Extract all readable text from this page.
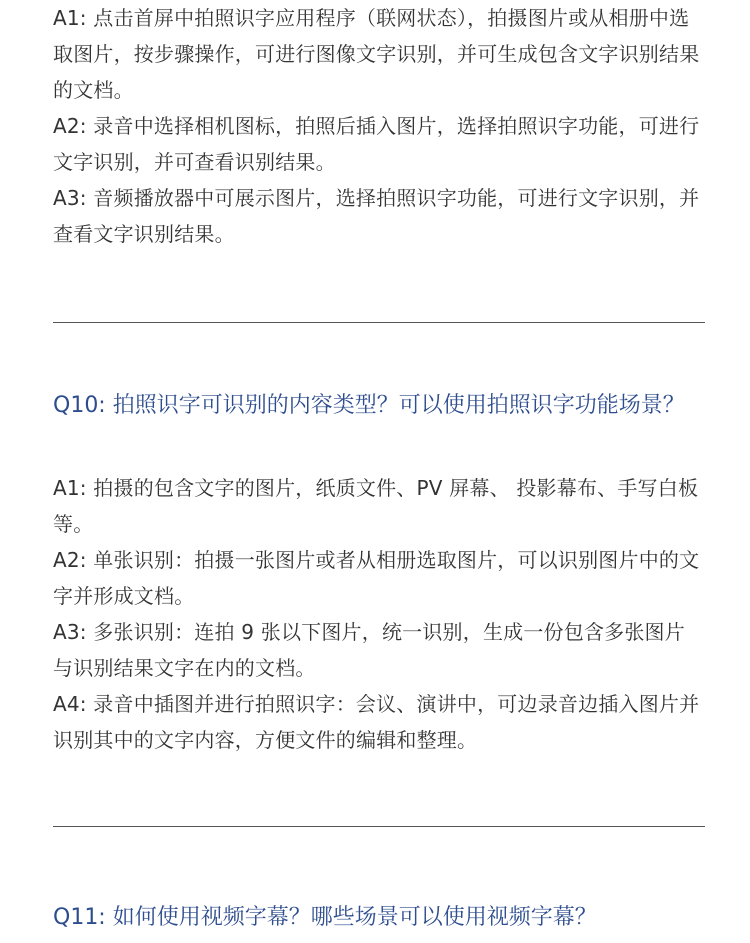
A1: 点击首屏中拍照识字应用程序（联网状态），拍摄图片或从相册中选取图片，按步骤操作，可进行图像文字识别，并可生成包含文字识别结果的文档。

A2: 录音中选择相机图标，拍照后插入图片，选择拍照识字功能，可进行文字识别，并可查看识别结果。

A3: 音频播放器中可展示图片，选择拍照识字功能，可进行文字识别，并查看文字识别结果。

Q10: 拍照识字可识别的内容类型？可以使用拍照识字功能场景？

A1: 拍摄的包含文字的图片，纸质文件、PV 屏幕、 投影幕布、手写白板等。

A2: 单张识别：拍摄一张图片或者从相册选取图片，可以识别图片中的文字并形成文档。

A3: 多张识别：连拍 9 张以下图片，统一识别，生成一份包含多张图片与识别结果文字在内的文档。

A4: 录音中插图并进行拍照识字：会议、演讲中，可边录音边插入图片并识别其中的文字内容，方便文件的编辑和整理。

Q11: 如何使用视频字幕？哪些场景可以使用视频字幕？
